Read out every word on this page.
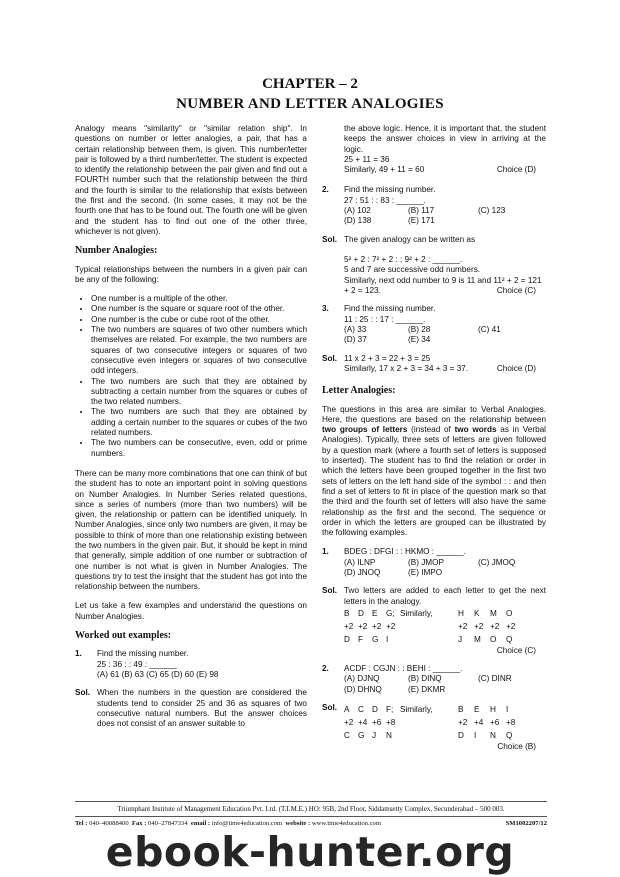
CHAPTER – 2
NUMBER AND LETTER ANALOGIES

Analogy means "similarity" or "similar relation ship". In questions on number or letter analogies, a pair, that has a certain relationship between them, is given. This number/letter pair is followed by a third number/letter. The student is expected to identify the relationship between the pair given and find out a FOURTH number such that the relationship between the third and the fourth is similar to the relationship that exists between the first and the second. (In some cases, it may not be the fourth one that has to be found out. The fourth one will be given and the student has to find out one of the other three, whichever is not given).

Number Analogies:

Typical relationships between the numbers in a given pair can be any of the following:

• One number is a multiple of the other.
• One number is the square or square root of the other.
• One number is the cube or cube root of the other.
• The two numbers are squares of two other numbers which themselves are related. For example, the two numbers are squares of two consecutive integers or squares of two consecutive even integers or squares of two consecutive odd integers.
• The two numbers are such that they are obtained by subtracting a certain number from the squares or cubes of the two related numbers.
• The two numbers are such that they are obtained by adding a certain number to the squares or cubes of the two related numbers.
• The two numbers can be consecutive, even, odd or prime numbers.

There can be many more combinations that one can think of but the student has to note an important point in solving questions on Number Analogies. In Number Series related questions, since a series of numbers (more than two numbers) will be given, the relationship or pattern can be identified uniquely. In Number Analogies, since only two numbers are given, it may be possible to think of more than one relationship existing between the two numbers in the given pair. But, it should be kept in mind that generally, simple addition of one number or subtraction of one number is not what is given in Number Analogies. The questions try to test the insight that the student has got into the relationship between the numbers.

Let us take a few examples and understand the questions on Number Analogies.

Worked out examples:
1.	Find the missing number.
25 : 36 : : 49 : ______
(A) 61 (B) 63 (C) 65 (D) 60 (E) 98
Sol. When the numbers in the question are considered the students tend to consider 25 and 36 as squares of two consecutive natural numbers. But the answer choices does not consist of an answer suitable to

the above logic. Hence, it is important that, the student keeps the answer choices in view in arriving at the logic.

25 + 11 = 36
Similarly, 49 + 11 = 60	Choice (D)
2.	Find the missing number.
27 : 51 : : 83 : ______.
(A) 102	(B) 117	(C) 123
(D) 138	(E) 171
Sol. The given analogy can be written as
5² + 2 : 7² + 2 : : 9² + 2 : ______.
5 and 7 are successive odd numbers.
Similarly, next odd number to 9 is 11 and 11² + 2 = 121 + 2 = 123.	Choice (C)
3.	Find the missing number.
11 : 25 : : 17 : ______.
(A) 33	(B) 28	(C) 41
(D) 37	(E) 34
Sol. 11 x 2 + 3 = 22 + 3 = 25
Similarly, 17 x 2 + 3 = 34 + 3 = 37.	Choice (D)
Letter Analogies:

The questions in this area are similar to Verbal Analogies. Here, the questions are based on the relationship between two groups of letters (instead of two words as in Verbal Analogies). Typically, three sets of letters are given followed by a question mark (where a fourth set of letters is supposed to inserted). The student has to find the relation or order in which the letters have been grouped together in the first two sets of letters on the left hand side of the symbol : : and then find a set of letters to fit in place of the question mark so that the third and the fourth set of letters will also have the same relationship as the first and the second. The sequence or order in which the letters are grouped can be illustrated by the following examples.

1.	BDEG : DFGI : : HKMO : ______.
(A) ILNP	(B) JMOP	(C) JMOQ
(D) JNOQ	(E) IMPO
Sol. Two letters are added to each letter to get the next letters in the analogy.
B	D E	G; Similarly,	H	K	M	O
+2 +2 +2 +2	+2 +2 +2 +2
D F	G I	J	M	O	Q
Choice (C)
2.	ACDF : CGJN : : BEHI : ______.
(A) DJNQ	(B) DINQ	(C) DINR
(D) DHNQ	(E) DKMR
Sol. A	C D F; Similarly,	B	E	H	I
+2 +4 +6 +8	+2 +4 +6 +8
C G J	N	D	I	N	Q
Choice (B)
Triumphant Institute of Management Education Pvt. Ltd. (T.I.M.E.) HO: 95B, 2nd Floor, Siddamsetty Complex, Secunderabad – 500 003.
Tel : 040–40088400 Fax : 040–27847334 email : info@time4education.com website : www.time4education.com	SM1002207/12
ebook-hunter.org
